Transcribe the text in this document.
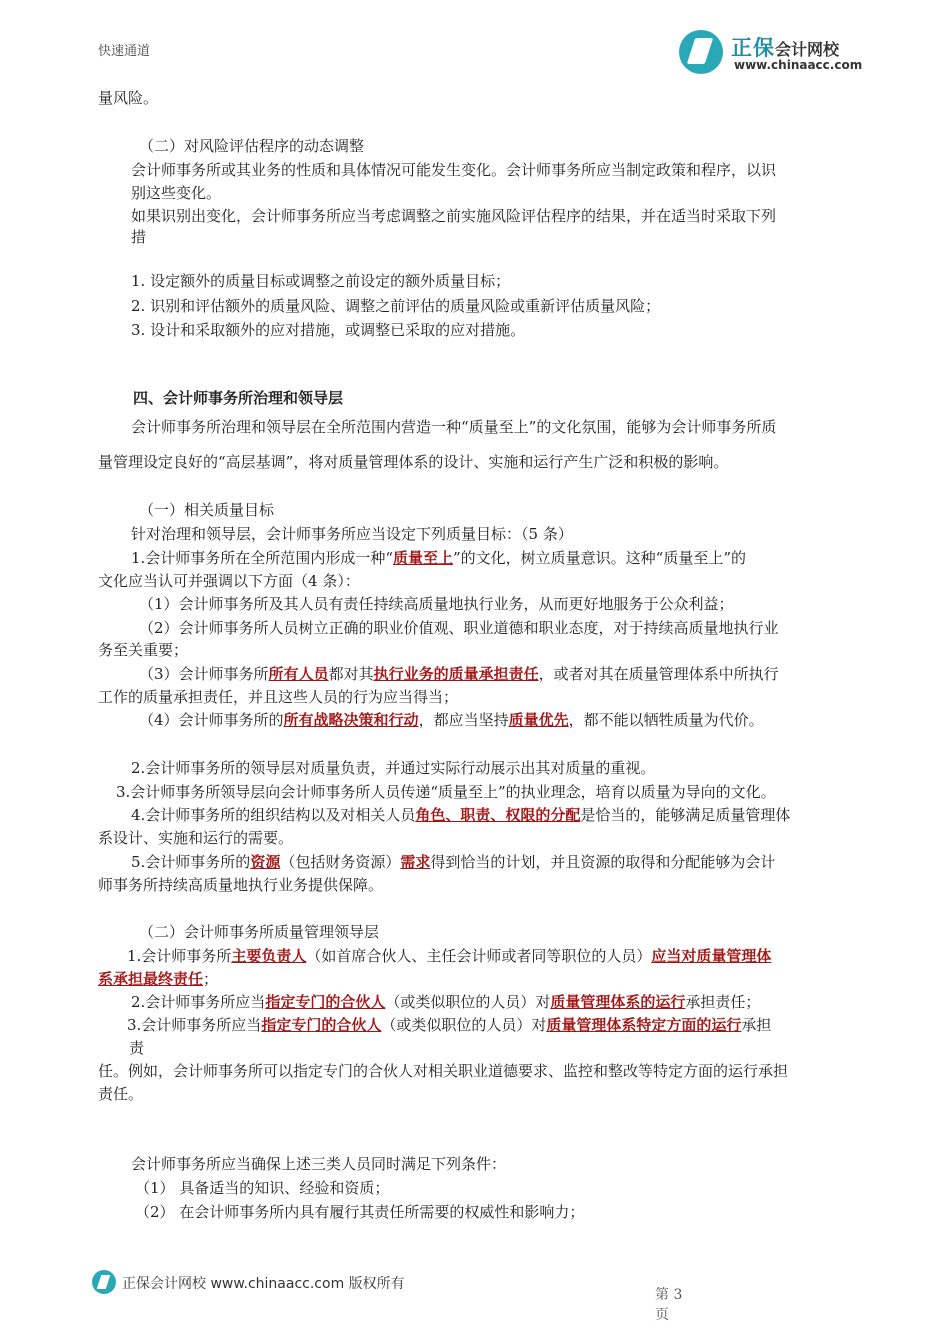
正保会计网校
www.chinaacc.com
快速通道
量风险。
（二）对风险评估程序的动态调整
会计师事务所或其业务的性质和具体情况可能发生变化。会计师事务所应当制定政策和程序，以识
别这些变化。
如果识别出变化，会计师事务所应当考虑调整之前实施风险评估程序的结果，并在适当时采取下列
措
1. 设定额外的质量目标或调整之前设定的额外质量目标；
2. 识别和评估额外的质量风险、调整之前评估的质量风险或重新评估质量风险；
3. 设计和采取额外的应对措施，或调整已采取的应对措施。
四、会计师事务所治理和领导层
会计师事务所治理和领导层在全所范围内营造一种“质量至上”的文化氛围，能够为会计师事务所质
量管理设定良好的“高层基调”，将对质量管理体系的设计、实施和运行产生广泛和积极的影响。
（一）相关质量目标
针对治理和领导层，会计师事务所应当设定下列质量目标：（5 条）
1.会计师事务所在全所范围内形成一种“质量至上”的文化，树立质量意识。这种“质量至上”的
文化应当认可并强调以下方面（4 条）：
（1）会计师事务所及其人员有责任持续高质量地执行业务，从而更好地服务于公众利益；
（2）会计师事务所人员树立正确的职业价值观、职业道德和职业态度，对于持续高质量地执行业
务至关重要；
（3）会计师事务所所有人员都对其执行业务的质量承担责任，或者对其在质量管理体系中所执行
工作的质量承担责任，并且这些人员的行为应当得当；
（4）会计师事务所的所有战略决策和行动，都应当坚持质量优先，都不能以牺牲质量为代价。
2.会计师事务所的领导层对质量负责，并通过实际行动展示出其对质量的重视。
3.会计师事务所领导层向会计师事务所人员传递“质量至上”的执业理念，培育以质量为导向的文化。
4.会计师事务所的组织结构以及对相关人员角色、职责、权限的分配是恰当的，能够满足质量管理体
系设计、实施和运行的需要。
5.会计师事务所的资源（包括财务资源）需求得到恰当的计划，并且资源的取得和分配能够为会计
师事务所持续高质量地执行业务提供保障。
（二）会计师事务所质量管理领导层
1.会计师事务所主要负责人（如首席合伙人、主任会计师或者同等职位的人员）应当对质量管理体
系承担最终责任；
2.会计师事务所应当指定专门的合伙人（或类似职位的人员）对质量管理体系的运行承担责任；
3.会计师事务所应当指定专门的合伙人（或类似职位的人员）对质量管理体系特定方面的运行承担
责
任。例如，会计师事务所可以指定专门的合伙人对相关职业道德要求、监控和整改等特定方面的运行承担
责任。
会计师事务所应当确保上述三类人员同时满足下列条件：
（1） 具备适当的知识、经验和资质；
（2） 在会计师事务所内具有履行其责任所需要的权威性和影响力；
正保会计网校 www.chinaacc.com 版权所有
第 3 页
